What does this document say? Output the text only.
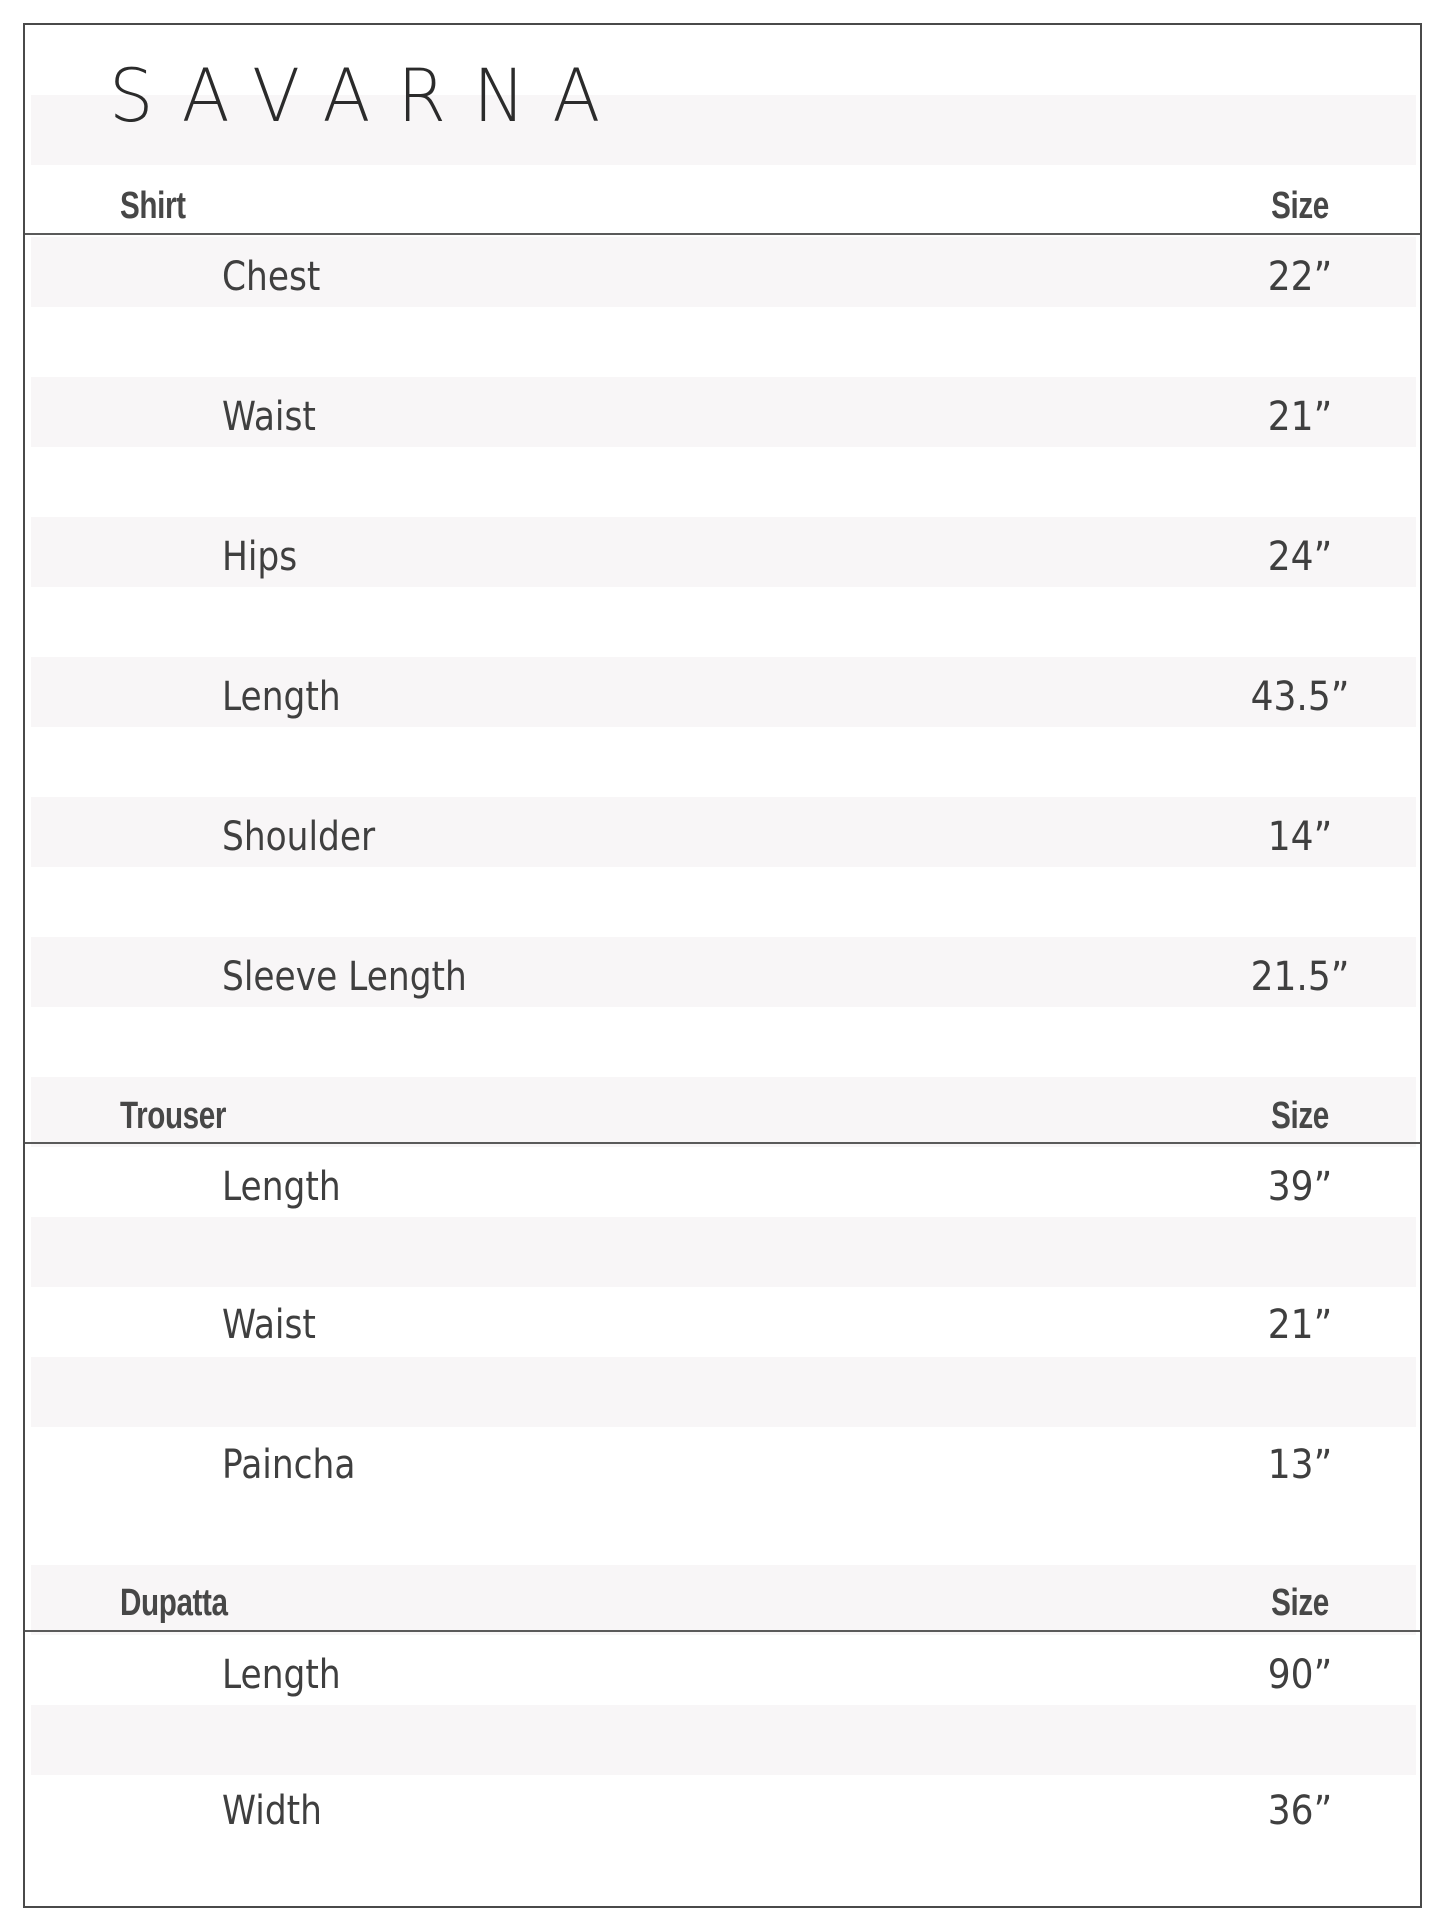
SAVARNA
Shirt	Size
Chest	22”
Waist	21”
Hips	24”
Length	43.5”
Shoulder	14”
Sleeve Length	21.5”
Trouser	Size
Length	39”
Waist	21”
Paincha	13”
Dupatta	Size
Length	90”
Width	36”
